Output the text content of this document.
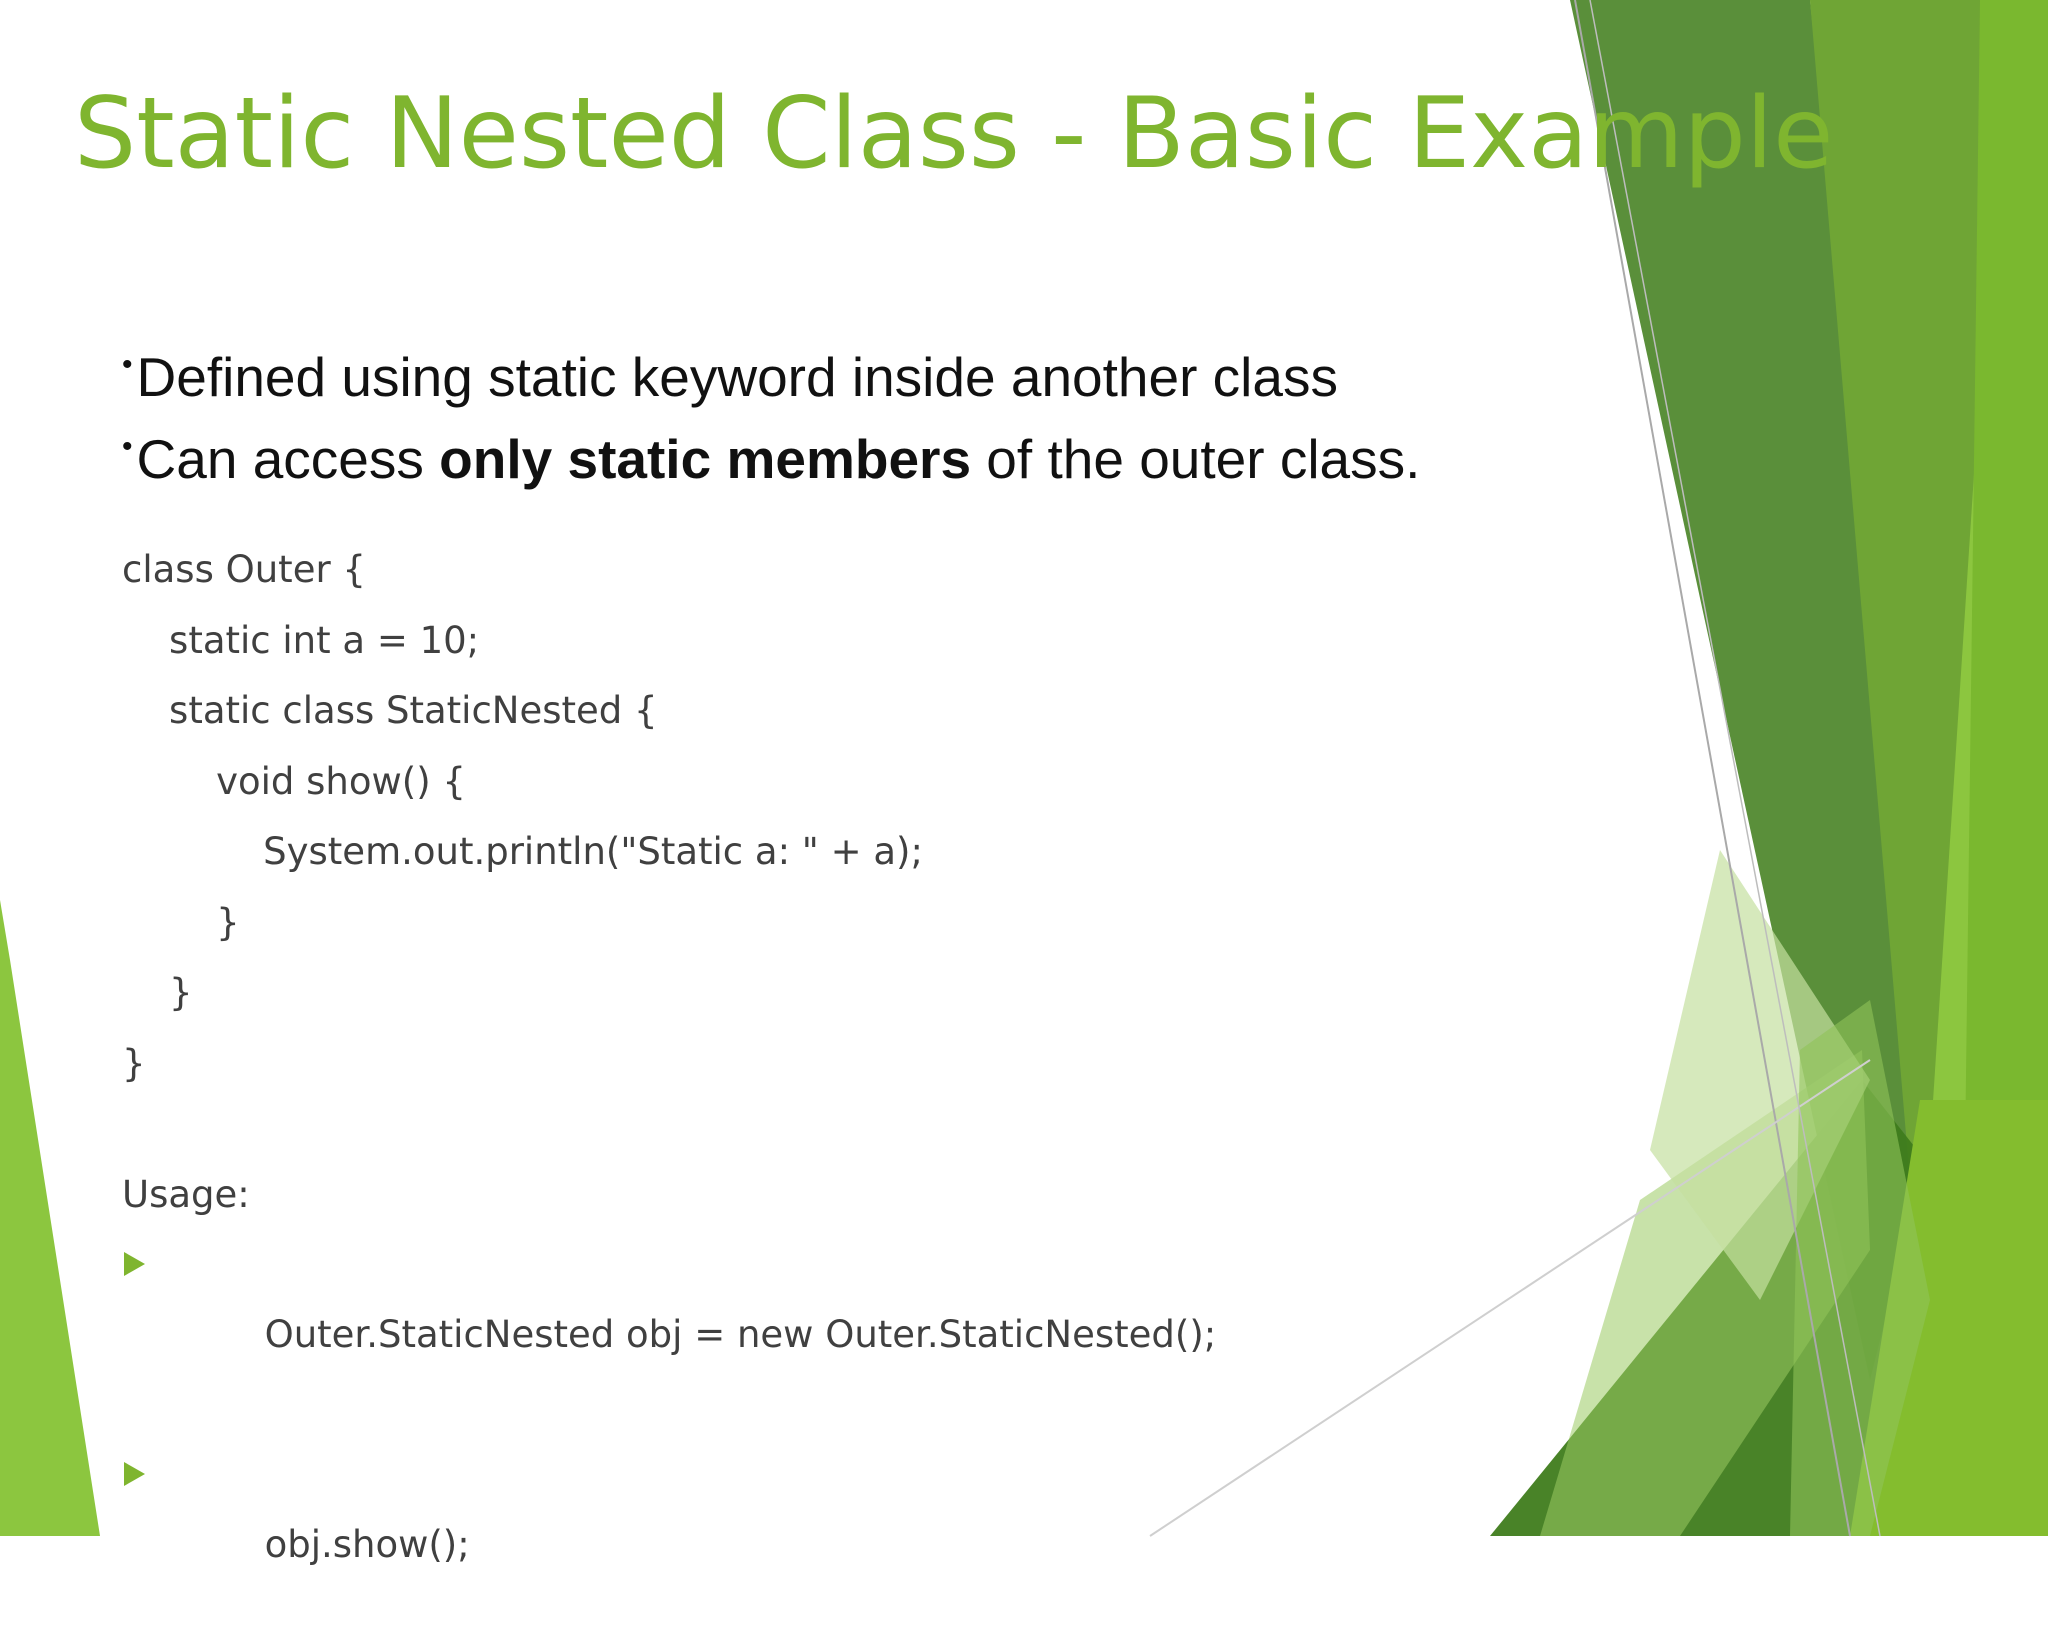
Static Nested Class - Basic Example
•Defined using static keyword inside another class
•Can access only static members of the outer class.
class Outer {
static int a = 10;
static class StaticNested {
void show() {
System.out.println("Static a: " + a);
}
}
}
Usage:

Outer.StaticNested obj = new Outer.StaticNested();

obj.show();
